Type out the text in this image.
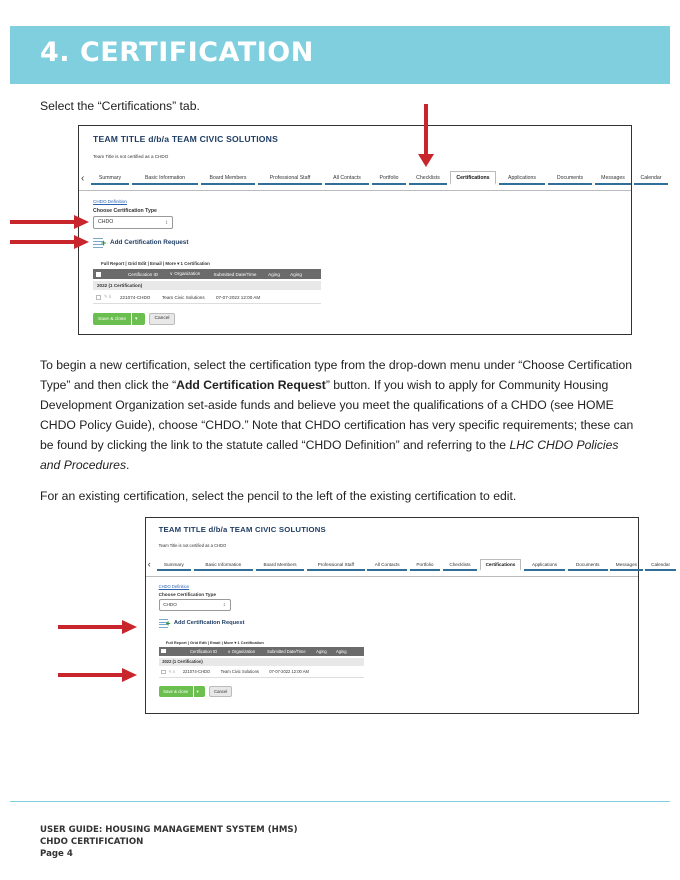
4. CERTIFICATION
Select the “Certifications” tab.
TEAM TITLE d/b/a TEAM CIVIC SOLUTIONS
Team Title is not certified as a CHDO
‹	Summary	Basic Information	Board Members	Professional Staff	All Contacts	Portfolio	Checklists	Certifications	Applications	Documents	Messages	Calendar
CHDO Definition
Choose Certification Type
CHDO	↕
+ Add Certification Request
Full Report | Grid Edit | Email | More ▾ 1 Certification
Certification ID	∨ Organization	Submitted Date/Time	Aging	Aging
2022 (1 Certification)
✎ ℹ	221074-CHDO	Team Civic Solutions	07-07-2022 12:00 AM
Save & close	▾	Cancel
To begin a new certification, select the certification type from the drop-down menu under “Choose Certification Type” and then click the “Add Certification Request” button. If you wish to apply for Community Housing Development Organization set-aside funds and believe you meet the qualifications of a CHDO (see HOME CHDO Policy Guide), choose “CHDO.” Note that CHDO certification has very specific requirements; these can be found by clicking the link to the statute called “CHDO Definition” and referring to the LHC CHDO Policies and Procedures.
For an existing certification, select the pencil to the left of the existing certification to edit.
TEAM TITLE d/b/a TEAM CIVIC SOLUTIONS
Team Title is not certified as a CHDO
‹	Summary	Basic Information	Board Members	Professional Staff	All Contacts	Portfolio	Checklists	Certifications	Applications	Documents	Messages	Calendar
CHDO Definition
Choose Certification Type
CHDO	↕
+ Add Certification Request
Full Report | Grid Edit | Email | More ▾ 1 Certification
Certification ID	∨ Organization	Submitted Date/Time	Aging	Aging
2022 (1 Certification)
✎ ℹ	221074-CHDO	Team Civic Solutions	07-07-2022 12:00 AM
Save & close	▾	Cancel
USER GUIDE: HOUSING MANAGEMENT SYSTEM (HMS)
CHDO CERTIFICATION
Page 4
